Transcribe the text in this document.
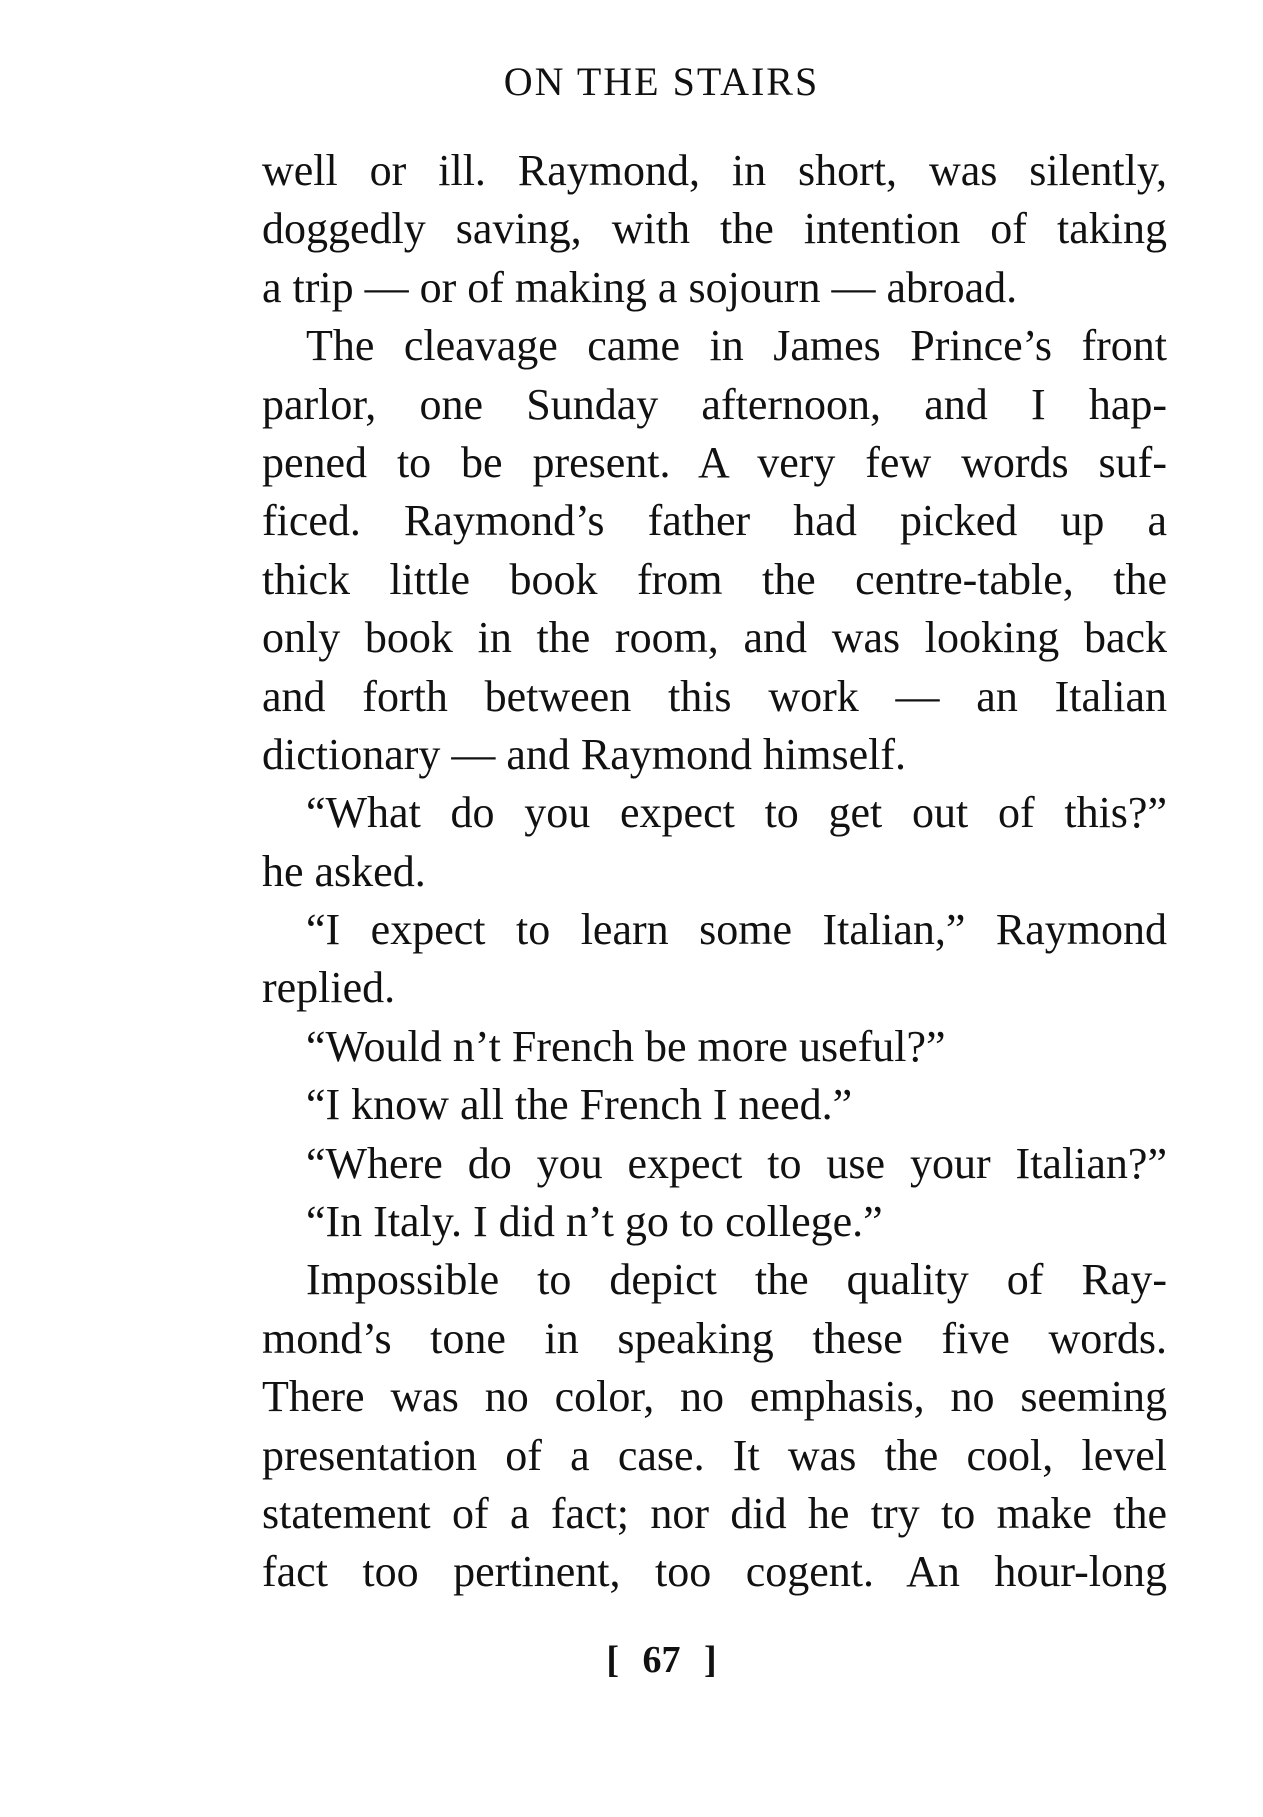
ON THE STAIRS
well or ill. Raymond, in short, was silently,
doggedly saving, with the intention of taking
a trip — or of making a sojourn — abroad.
The cleavage came in James Prince’s front
parlor, one Sunday afternoon, and I hap-
pened to be present. A very few words suf-
ficed. Raymond’s father had picked up a
thick little book from the centre-table, the
only book in the room, and was looking back
and forth between this work — an Italian
dictionary — and Raymond himself.
“What do you expect to get out of this?”
he asked.
“I expect to learn some Italian,” Raymond
replied.
“Would n’t French be more useful?”
“I know all the French I need.”
“Where do you expect to use your Italian?”
“In Italy. I did n’t go to college.”
Impossible to depict the quality of Ray-
mond’s tone in speaking these five words.
There was no color, no emphasis, no seeming
presentation of a case. It was the cool, level
statement of a fact; nor did he try to make the
fact too pertinent, too cogent. An hour-long
[ 67 ]
